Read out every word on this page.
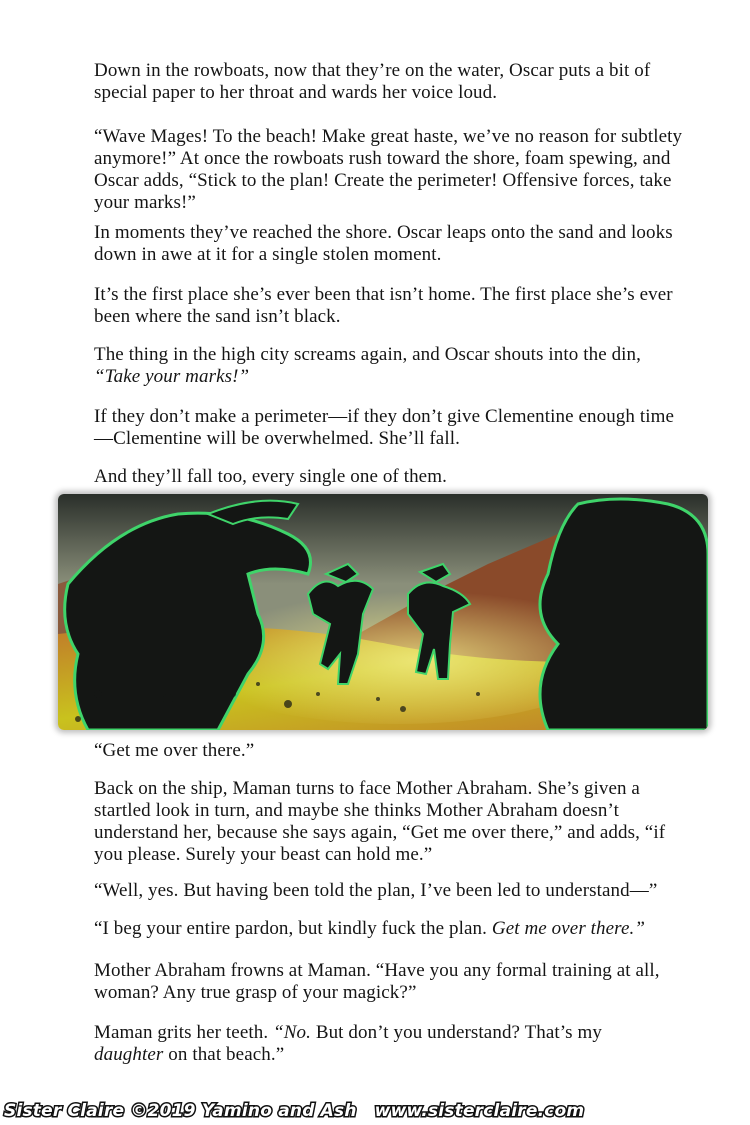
Down in the rowboats, now that they’re on the water, Oscar puts a bit of special paper to her throat and wards her voice loud.

“Wave Mages! To the beach! Make great haste, we’ve no reason for subtlety anymore!” At once the rowboats rush toward the shore, foam spewing, and Oscar adds, “Stick to the plan! Create the perimeter! Offensive forces, take your marks!”

In moments they’ve reached the shore. Oscar leaps onto the sand and looks down in awe at it for a single stolen moment.

It’s the first place she’s ever been that isn’t home. The first place she’s ever been where the sand isn’t black.

The thing in the high city screams again, and Oscar shouts into the din,
“Take your marks!”

If they don’t make a perimeter—if they don’t give Clementine enough time—Clementine will be overwhelmed. She’ll fall.

And they’ll fall too, every single one of them.

“Get me over there.”

Back on the ship, Maman turns to face Mother Abraham. She’s given a startled look in turn, and maybe she thinks Mother Abraham doesn’t understand her, because she says again, “Get me over there,” and adds, “if you please. Surely your beast can hold me.”

“Well, yes. But having been told the plan, I’ve been led to understand—”

“I beg your entire pardon, but kindly fuck the plan. Get me over there.”

Mother Abraham frowns at Maman. “Have you any formal training at all, woman? Any true grasp of your magick?”

Maman grits her teeth. “No. But don’t you understand? That’s my
daughter on that beach.”

Sister Claire ©2019 Yamino and Ash www.sisterclaire.com
